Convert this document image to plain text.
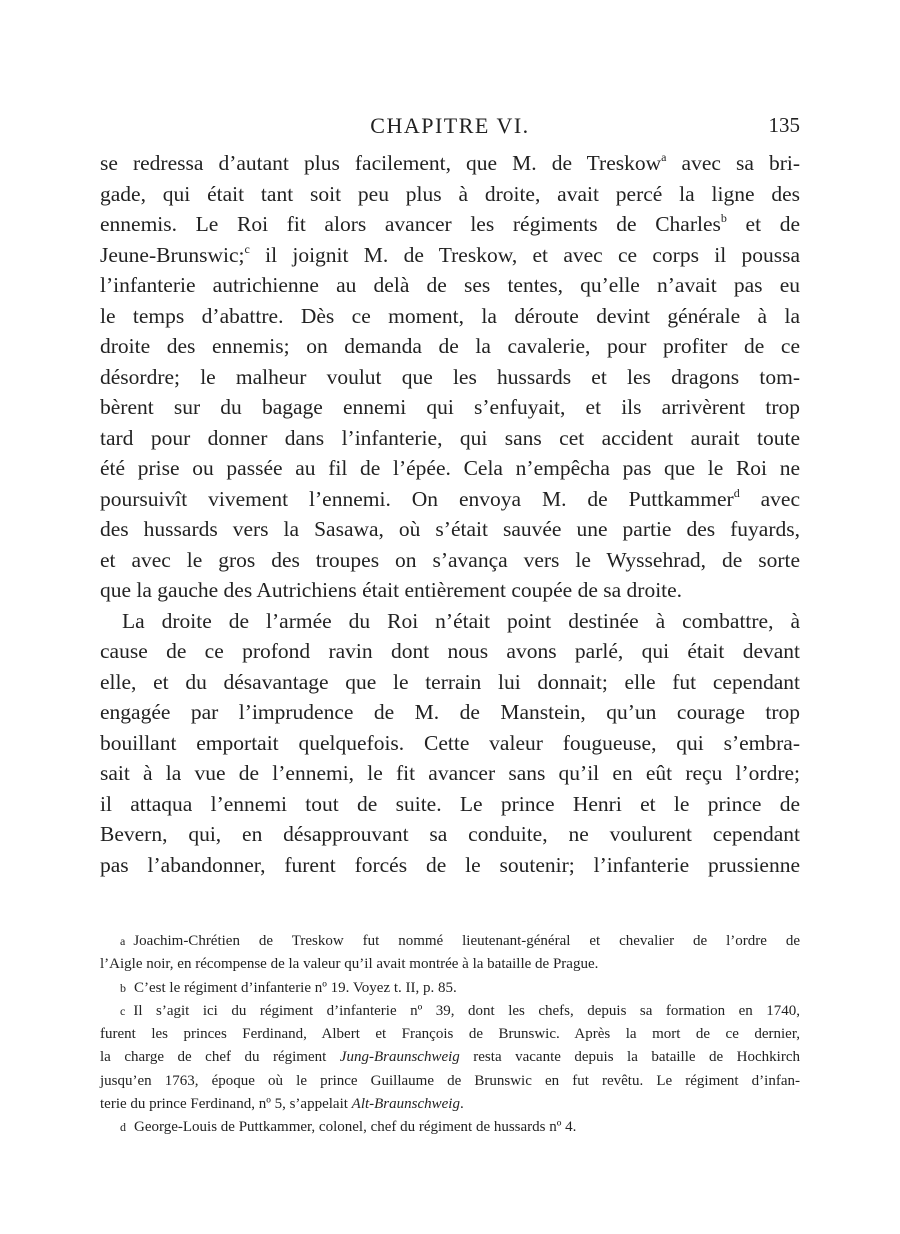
CHAPITRE VI.	135
se redressa d’autant plus facilement, que M. de Treskow$^a$ avec sa bri-
gade, qui était tant soit peu plus à droite, avait percé la ligne des
ennemis. Le Roi fit alors avancer les régiments de Charles$^b$ et de
Jeune-Brunswic;$^c$ il joignit M. de Treskow, et avec ce corps il poussa
l’infanterie autrichienne au delà de ses tentes, qu’elle n’avait pas eu
le temps d’abattre. Dès ce moment, la déroute devint générale à la
droite des ennemis; on demanda de la cavalerie, pour profiter de ce
désordre; le malheur voulut que les hussards et les dragons tom-
bèrent sur du bagage ennemi qui s’enfuyait, et ils arrivèrent trop
tard pour donner dans l’infanterie, qui sans cet accident aurait toute
été prise ou passée au fil de l’épée. Cela n’empêcha pas que le Roi ne
poursuivît vivement l’ennemi. On envoya M. de Puttkammer$^d$ avec
des hussards vers la Sasawa, où s’était sauvée une partie des fuyards,
et avec le gros des troupes on s’avança vers le Wyssehrad, de sorte
que la gauche des Autrichiens était entièrement coupée de sa droite.
La droite de l’armée du Roi n’était point destinée à combattre, à
cause de ce profond ravin dont nous avons parlé, qui était devant
elle, et du désavantage que le terrain lui donnait; elle fut cependant
engagée par l’imprudence de M. de Manstein, qu’un courage trop
bouillant emportait quelquefois. Cette valeur fougueuse, qui s’embra-
sait à la vue de l’ennemi, le fit avancer sans qu’il en eût reçu l’ordre;
il attaqua l’ennemi tout de suite. Le prince Henri et le prince de
Bevern, qui, en désapprouvant sa conduite, ne voulurent cependant
pas l’abandonner, furent forcés de le soutenir; l’infanterie prussienne
a Joachim-Chrétien de Treskow fut nommé lieutenant-général et chevalier de l’ordre de
l’Aigle noir, en récompense de la valeur qu’il avait montrée à la bataille de Prague.
b C’est le régiment d’infanterie nº 19. Voyez t. II, p. 85.
c Il s’agit ici du régiment d’infanterie nº 39, dont les chefs, depuis sa formation en 1740,
furent les princes Ferdinand, Albert et François de Brunswic. Après la mort de ce dernier,
la charge de chef du régiment Jung-Braunschweig resta vacante depuis la bataille de Hochkirch
jusqu’en 1763, époque où le prince Guillaume de Brunswic en fut revêtu. Le régiment d’infan-
terie du prince Ferdinand, nº 5, s’appelait Alt-Braunschweig.
d George-Louis de Puttkammer, colonel, chef du régiment de hussards nº 4.
